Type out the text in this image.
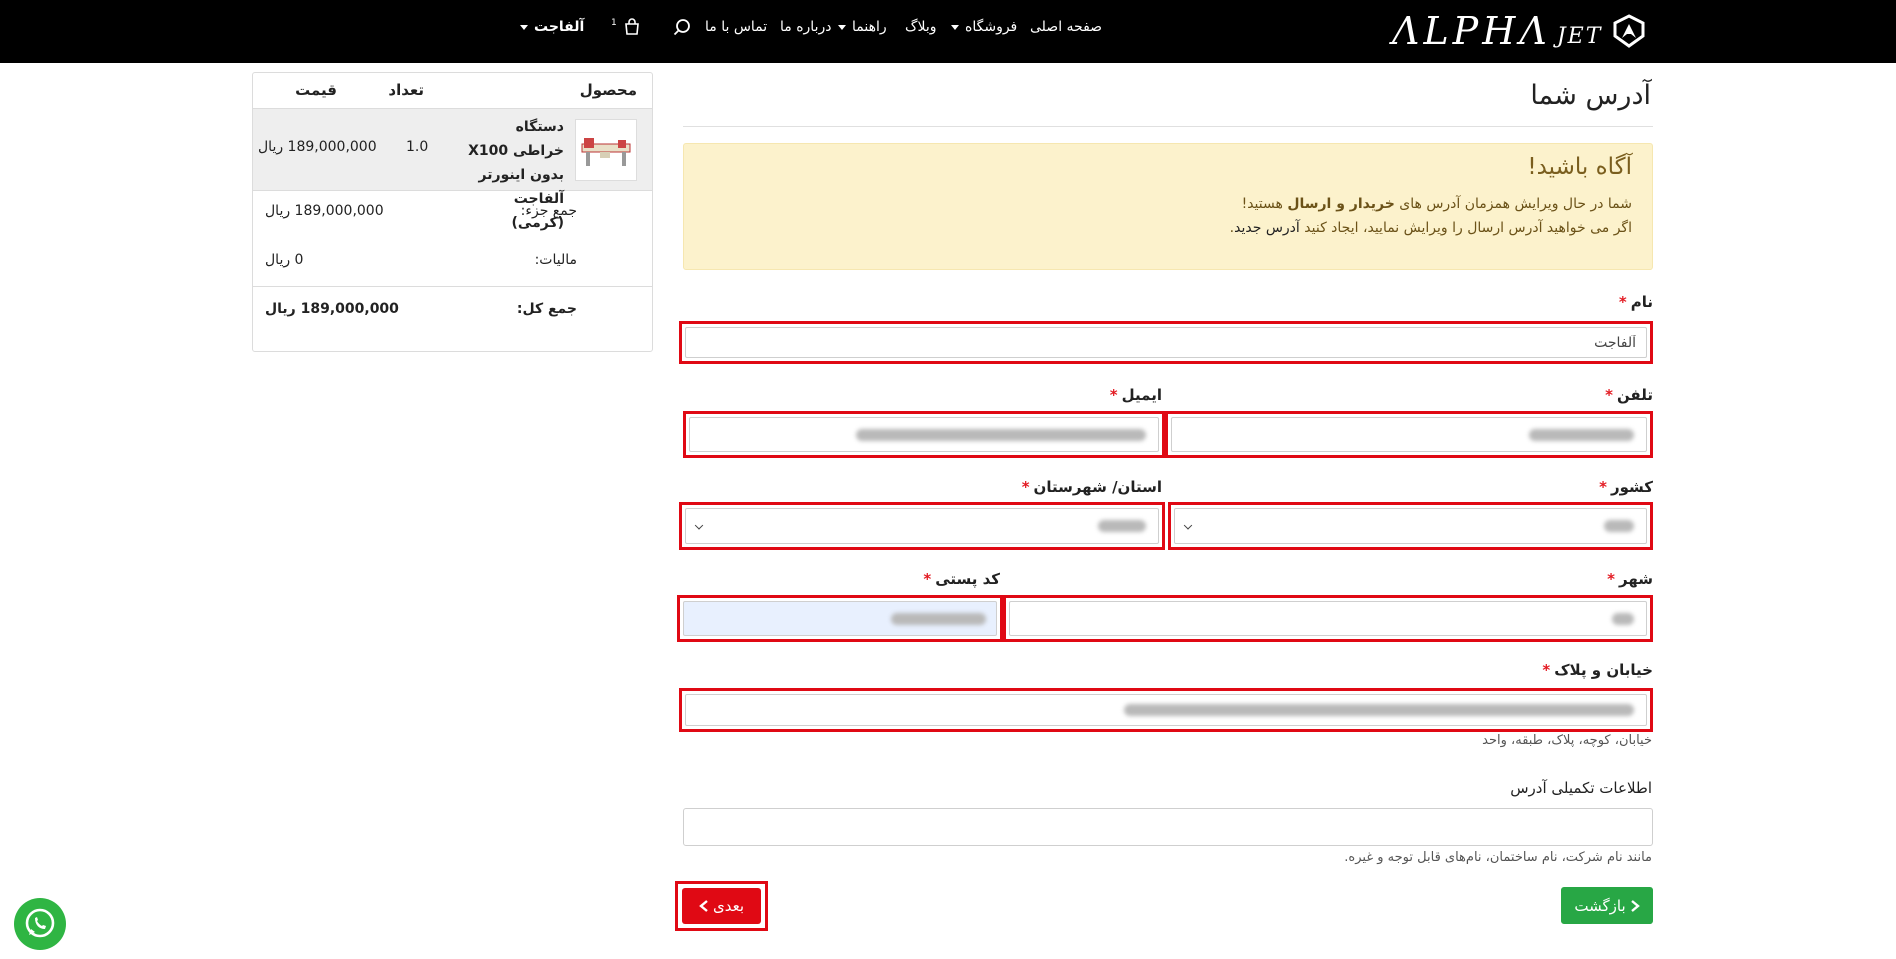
ΛLPHΛ JET
صفحه اصلی
فروشگاه
وبلاگ
راهنما
درباره ما
تماس با ما
1
آلفاجت
محصول
تعداد
قیمت
دستگاه خراطی X100 بدون اینورتر آلفاجت (کرمی)
1.0
189,000,000 ریال
جمع جزء:
189,000,000 ریال
مالیات:
0 ریال
جمع کل:
189,000,000 ریال
آدرس شما
آگاه باشید!
شما در حال ویرایش همزمان آدرس های خریدار و ارسال هستید!
اگر می خواهید آدرس ارسال را ویرایش نمایید، ایجاد کنید آدرس جدید.
نام*
آلفاجت
تلفن*
ایمیل*
کشور*
استان/ شهرستان*
شهر*
کد پستی*
خیابان و پلاک*
خیابان، کوچه، پلاک، طبقه، واحد
اطلاعات تکمیلی آدرس
مانند نام شرکت، نام ساختمان، نام‌های قابل توجه و غیره.
بازگشت
بعدی
